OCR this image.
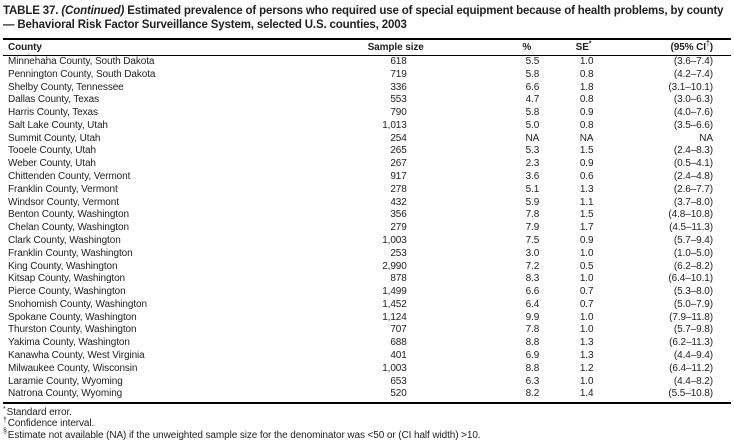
TABLE 37. (Continued) Estimated prevalence of persons who required use of special equipment because of health problems, by county — Behavioral Risk Factor Surveillance System, selected U.S. counties, 2003
County	Sample size	%	SE*	(95% CI†)
Minnehaha County, South Dakota	618	5.5	1.0	(3.6–7.4)
Pennington County, South Dakota	719	5.8	0.8	(4.2–7.4)
Shelby County, Tennessee	336	6.6	1.8	(3.1–10.1)
Dallas County, Texas	553	4.7	0.8	(3.0–6.3)
Harris County, Texas	790	5.8	0.9	(4.0–7.6)
Salt Lake County, Utah	1,013	5.0	0.8	(3.5–6.6)
Summit County, Utah	254	NA	NA	NA
Tooele County, Utah	265	5.3	1.5	(2.4–8.3)
Weber County, Utah	267	2.3	0.9	(0.5–4.1)
Chittenden County, Vermont	917	3.6	0.6	(2.4–4.8)
Franklin County, Vermont	278	5.1	1.3	(2.6–7.7)
Windsor County, Vermont	432	5.9	1.1	(3.7–8.0)
Benton County, Washington	356	7.8	1.5	(4.8–10.8)
Chelan County, Washington	279	7.9	1.7	(4.5–11.3)
Clark County, Washington	1,003	7.5	0.9	(5.7–9.4)
Franklin County, Washington	253	3.0	1.0	(1.0–5.0)
King County, Washington	2,990	7.2	0.5	(6.2–8.2)
Kitsap County, Washington	878	8.3	1.0	(6.4–10.1)
Pierce County, Washington	1,499	6.6	0.7	(5.3–8.0)
Snohomish County, Washington	1,452	6.4	0.7	(5.0–7.9)
Spokane County, Washington	1,124	9.9	1.0	(7.9–11.8)
Thurston County, Washington	707	7.8	1.0	(5.7–9.8)
Yakima County, Washington	688	8.8	1.3	(6.2–11.3)
Kanawha County, West Virginia	401	6.9	1.3	(4.4–9.4)
Milwaukee County, Wisconsin	1,003	8.8	1.2	(6.4–11.2)
Laramie County, Wyoming	653	6.3	1.0	(4.4–8.2)
Natrona County, Wyoming	520	8.2	1.4	(5.5–10.8)
*Standard error.
†Confidence interval.
§Estimate not available (NA) if the unweighted sample size for the denominator was <50 or (CI half width) >10.
